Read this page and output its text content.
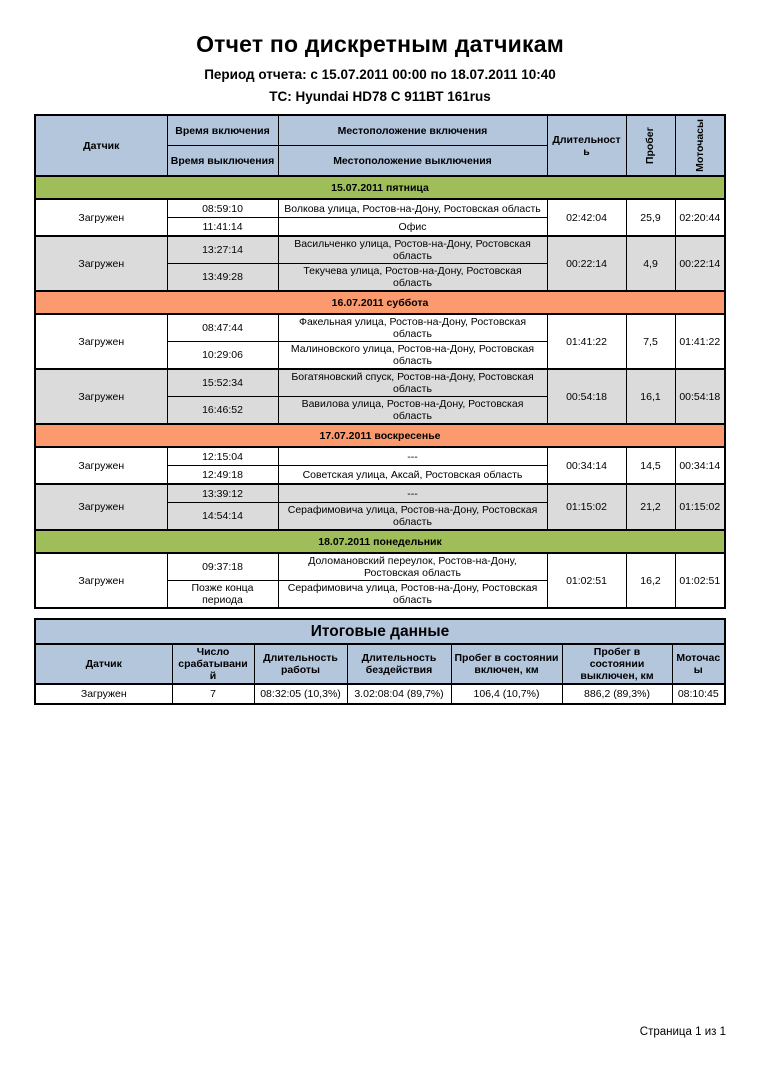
Отчет по дискретным датчикам
Период отчета: с 15.07.2011 00:00 по 18.07.2011 10:40
ТС: Hyundai HD78 С 911ВТ 161rus
Датчик	Время включения	Местоположение включения	Длительность	Пробег	Моточасы

	Время выключения	Местоположение выключения			
15.07.2011 пятница					
Загружен	08:59:10	Волкова улица, Ростов-на-Дону, Ростовская область	02:42:04	25,9	02:20:44
	11:41:14	Офис			
Загружен	13:27:14	Васильченко улица, Ростов-на-Дону, Ростовская область	00:22:14	4,9	00:22:14
	13:49:28	Текучева улица, Ростов-на-Дону, Ростовская область			
16.07.2011 суббота					
Загружен	08:47:44	Факельная улица, Ростов-на-Дону, Ростовская область	01:41:22	7,5	01:41:22
	10:29:06	Малиновского улица, Ростов-на-Дону, Ростовская область			
Загружен	15:52:34	Богатяновский спуск, Ростов-на-Дону, Ростовская область	00:54:18	16,1	00:54:18
	16:46:52	Вавилова улица, Ростов-на-Дону, Ростовская область			
17.07.2011 воскресенье					
Загружен	12:15:04	---	00:34:14	14,5	00:34:14
	12:49:18	Советская улица, Аксай, Ростовская область			
Загружен	13:39:12	---	01:15:02	21,2	01:15:02
	14:54:14	Серафимовича улица, Ростов-на-Дону, Ростовская область			
18.07.2011 понедельник					
Загружен	09:37:18	Доломановский переулок, Ростов-на-Дону, Ростовская область	01:02:51	16,2	01:02:51
	Позже конца периода	Серафимовича улица, Ростов-на-Дону, Ростовская область			
Итоговые данные						
Датчик	Число срабатываний	Длительность работы	Длительность бездействия	Пробег в состоянии включен, км	Пробег в состоянии выключен, км	Моточасы
Загружен	7	08:32:05 (10,3%)	3.02:08:04 (89,7%)	106,4 (10,7%)	886,2 (89,3%)	08:10:45
Страница 1 из 1
